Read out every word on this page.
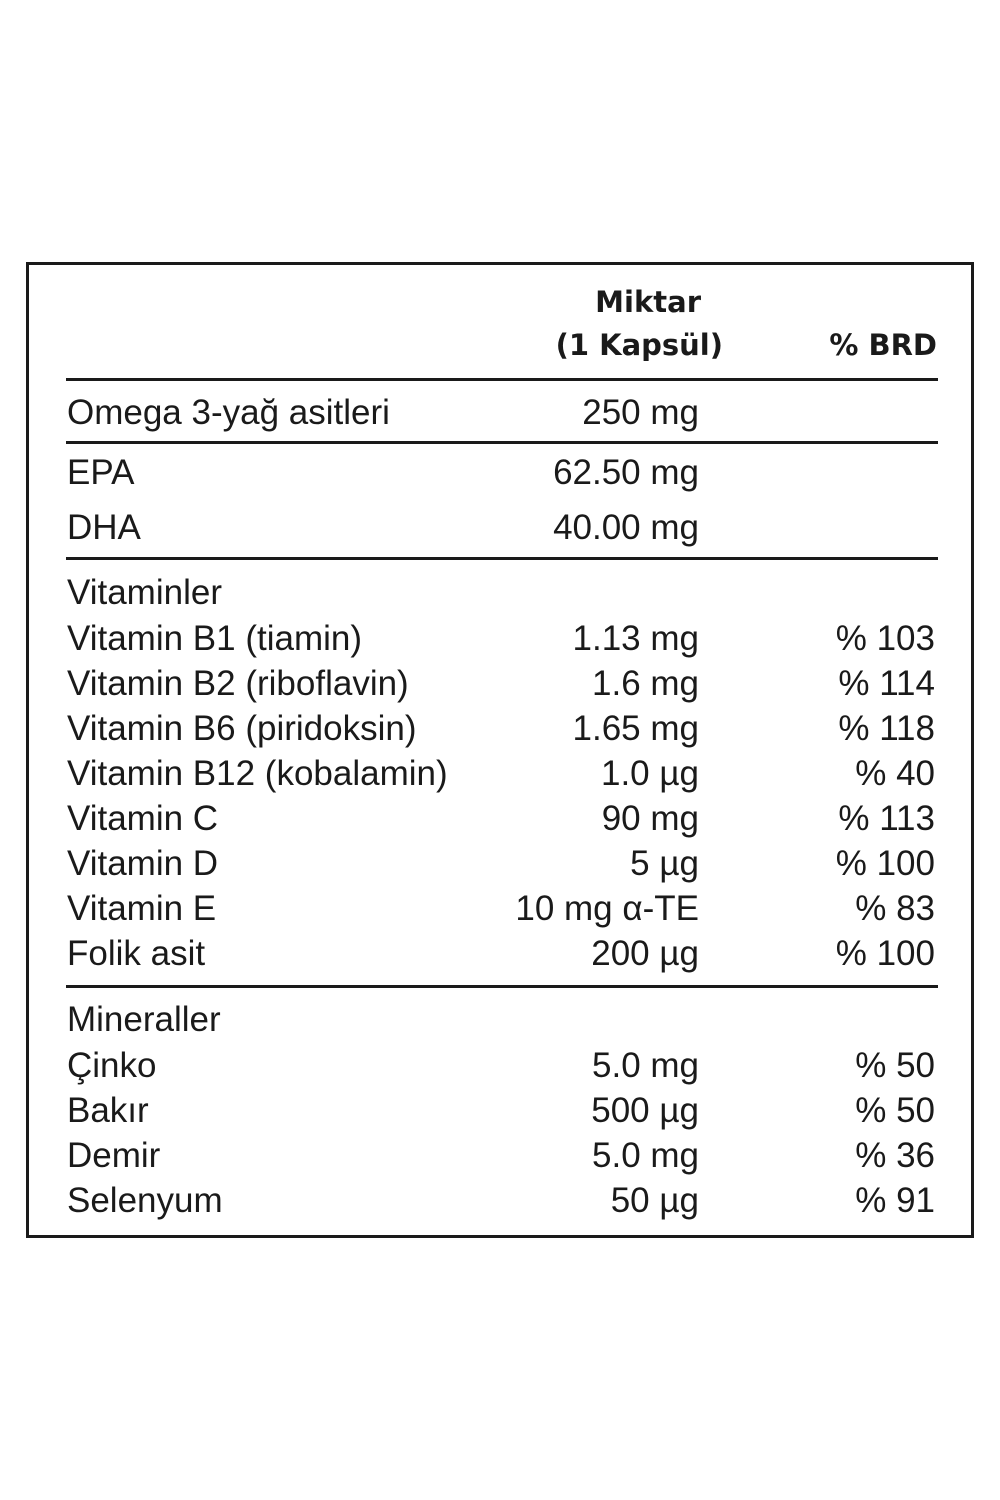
Miktar
(1 Kapsül)	% BRD
Omega 3-yağ asitleri	250 mg
EPA	62.50 mg
DHA	40.00 mg
Vitaminler
Vitamin B1 (tiamin)	1.13 mg	% 103
Vitamin B2 (riboflavin)	1.6 mg	% 114
Vitamin B6 (piridoksin)	1.65 mg	% 118
Vitamin B12 (kobalamin)	1.0 µg	% 40
Vitamin C	90 mg	% 113
Vitamin D	5 µg	% 100
Vitamin E	10 mg α-TE	% 83
Folik asit	200 µg	% 100
Mineraller
Çinko	5.0 mg	% 50
Bakır	500 µg	% 50
Demir	5.0 mg	% 36
Selenyum	50 µg	% 91
